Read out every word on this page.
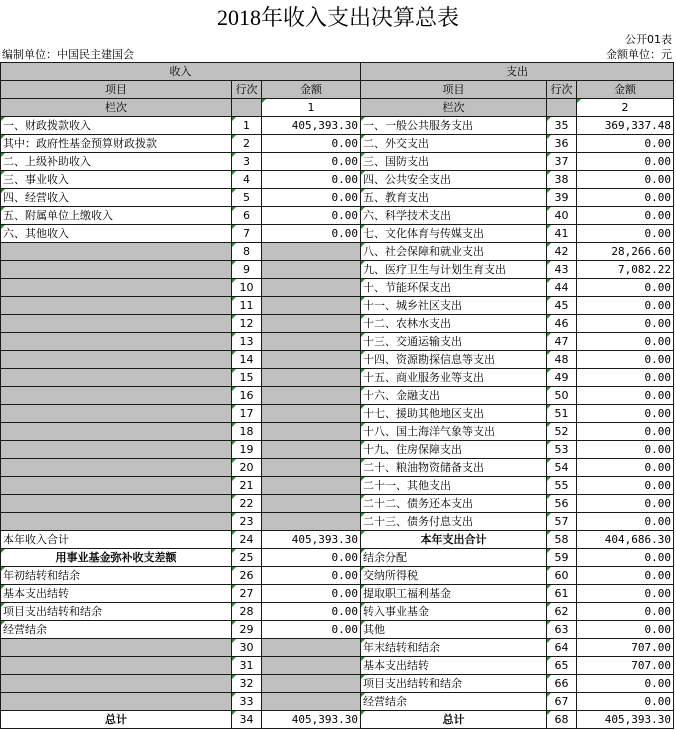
2018年收入支出决算总表
公开01表
编制单位：中国民主建国会	金额单位：元
收入			支出		
项目	行次	金额	项目	行次	金额
栏次		1	栏次		2
一、财政拨款收入	1	405,393.30	一、一般公共服务支出	35	369,337.48
其中：政府性基金预算财政拨款	2	0.00	二、外交支出	36	0.00
二、上级补助收入	3	0.00	三、国防支出	37	0.00
三、事业收入	4	0.00	四、公共安全支出	38	0.00
四、经营收入	5	0.00	五、教育支出	39	0.00
五、附属单位上缴收入	6	0.00	六、科学技术支出	40	0.00
六、其他收入	7	0.00	七、文化体育与传媒支出	41	0.00
	8		八、社会保障和就业支出	42	28,266.60
	9		九、医疗卫生与计划生育支出	43	7,082.22
	10		十、节能环保支出	44	0.00
	11		十一、城乡社区支出	45	0.00
	12		十二、农林水支出	46	0.00
	13		十三、交通运输支出	47	0.00
	14		十四、资源勘探信息等支出	48	0.00
	15		十五、商业服务业等支出	49	0.00
	16		十六、金融支出	50	0.00
	17		十七、援助其他地区支出	51	0.00
	18		十八、国土海洋气象等支出	52	0.00
	19		十九、住房保障支出	53	0.00
	20		二十、粮油物资储备支出	54	0.00
	21		二十一、其他支出	55	0.00
	22		二十二、债务还本支出	56	0.00
	23		二十三、债务付息支出	57	0.00
本年收入合计	24	405,393.30	本年支出合计	58	404,686.30
用事业基金弥补收支差额	25	0.00	结余分配	59	0.00
年初结转和结余	26	0.00	交纳所得税	60	0.00
基本支出结转	27	0.00	提取职工福利基金	61	0.00
项目支出结转和结余	28	0.00	转入事业基金	62	0.00
经营结余	29	0.00	其他	63	0.00
	30		年末结转和结余	64	707.00
	31		基本支出结转	65	707.00
	32		项目支出结转和结余	66	0.00
	33		经营结余	67	0.00
总计	34	405,393.30	总计	68	405,393.30
